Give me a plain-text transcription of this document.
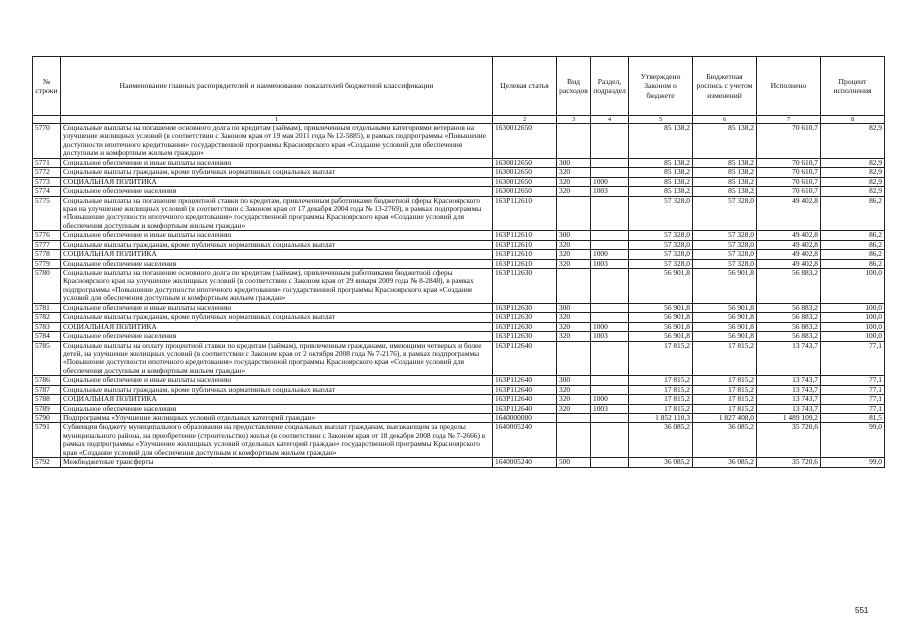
№ строки	Наименование главных распорядителей и наименование показателей бюджетной классификации	Целевая статья	Вид расходов	Раздел, подраздел	Утверждено Законом о бюджете	Бюджетная роспись с учетом изменений	Исполнено	Процент исполнения
	1	2	3	4	5	6	7	8
5770	Социальные выплаты на погашение основного долга по кредитам (займам), привлеченным отдельными категориями ветеранов на улучшение жилищных условий (в соответствии с Законом края от 19 мая 2011 года № 12-5885), в рамках подпрограммы «Повышение доступности ипотечного кредитования» государственной программы Красноярского края «Создание условий для обеспечения доступным и комфортным жильем граждан»	1630012650			85 138,2	85 138,2	70 610,7	82,9
5771	Социальное обеспечение и иные выплаты населению	1630012650	300		85 138,2	85 138,2	70 610,7	82,9
5772	Социальные выплаты гражданам, кроме публичных нормативных социальных выплат	1630012650	320		85 138,2	85 138,2	70 610,7	82,9
5773	СОЦИАЛЬНАЯ ПОЛИТИКА	1630012650	320	1000	85 138,2	85 138,2	70 610,7	82,9
5774	Социальное обеспечение населения	1630012650	320	1003	85 138,2	85 138,2	70 610,7	82,9
5775	Социальные выплаты на погашение процентной ставки по кредитам, привлеченным работниками бюджетной сферы Красноярского края на улучшение жилищных условий (в соответствии с Законом края от 17 декабря 2004 года № 13-2769), в рамках подпрограммы «Повышение доступности ипотечного кредитования» государственной программы Красноярского края «Создание условий для обеспечения доступным и комфортным жильем граждан»	163Р112610			57 328,0	57 328,0	49 402,8	86,2
5776	Социальное обеспечение и иные выплаты населению	163Р112610	300		57 328,0	57 328,0	49 402,8	86,2
5777	Социальные выплаты гражданам, кроме публичных нормативных социальных выплат	163Р112610	320		57 328,0	57 328,0	49 402,8	86,2
5778	СОЦИАЛЬНАЯ ПОЛИТИКА	163Р112610	320	1000	57 328,0	57 328,0	49 402,8	86,2
5779	Социальное обеспечение населения	163Р112610	320	1003	57 328,0	57 328,0	49 402,8	86,2
5780	Социальные выплаты на погашение основного долга по кредитам (займам), привлеченным работниками бюджетной сферы Красноярского края на улучшение жилищных условий (в соответствии с Законом края от 29 января 2009 года № 8-2848), в рамках подпрограммы «Повышение доступности ипотечного кредитования» государственной программы Красноярского края «Создание условий для обеспечения доступным и комфортным жильем граждан»	163Р112630			56 901,8	56 901,8	56 883,2	100,0
5781	Социальное обеспечение и иные выплаты населению	163Р112630	300		56 901,8	56 901,8	56 883,2	100,0
5782	Социальные выплаты гражданам, кроме публичных нормативных социальных выплат	163Р112630	320		56 901,8	56 901,8	56 883,2	100,0
5783	СОЦИАЛЬНАЯ ПОЛИТИКА	163Р112630	320	1000	56 901,8	56 901,8	56 883,2	100,0
5784	Социальное обеспечение населения	163Р112630	320	1003	56 901,8	56 901,8	56 883,2	100,0
5785	Социальные выплаты на оплату процентной ставки по кредитам (займам), привлеченным гражданами, имеющими четверых и более детей, на улучшение жилищных условий (в соответствии с Законом края от 2 октября 2008 года № 7-2176), в рамках подпрограммы «Повышение доступности ипотечного кредитования» государственной программы Красноярского края «Создание условий для обеспечения доступным и комфортным жильем граждан»	163Р112640			17 815,2	17 815,2	13 743,7	77,1
5786	Социальное обеспечение и иные выплаты населению	163Р112640	300		17 815,2	17 815,2	13 743,7	77,1
5787	Социальные выплаты гражданам, кроме публичных нормативных социальных выплат	163Р112640	320		17 815,2	17 815,2	13 743,7	77,1
5788	СОЦИАЛЬНАЯ ПОЛИТИКА	163Р112640	320	1000	17 815,2	17 815,2	13 743,7	77,1
5789	Социальное обеспечение населения	163Р112640	320	1003	17 815,2	17 815,2	13 743,7	77,1
5790	Подпрограмма «Улучшение жилищных условий отдельных категорий граждан»	1640000000			1 852 110,3	1 827 408,0	1 489 109,2	81,5
5791	Субвенция бюджету муниципального образования на предоставление социальных выплат гражданам, выезжающим за пределы муниципального района, на приобретение (строительство) жилья (в соответствии с Законом края от 18 декабря 2008 года № 7-2666) в рамках подпрограммы «Улучшение жилищных условий отдельных категорий граждан» государственной программы Красноярского края «Создание условий для обеспечения доступным и комфортным жильем граждан»	1640005240			36 085,2	36 085,2	35 720,6	99,0
5792	Межбюджетные трансферты	1640005240	500		36 085,2	36 085,2	35 720,6	99,0
551
